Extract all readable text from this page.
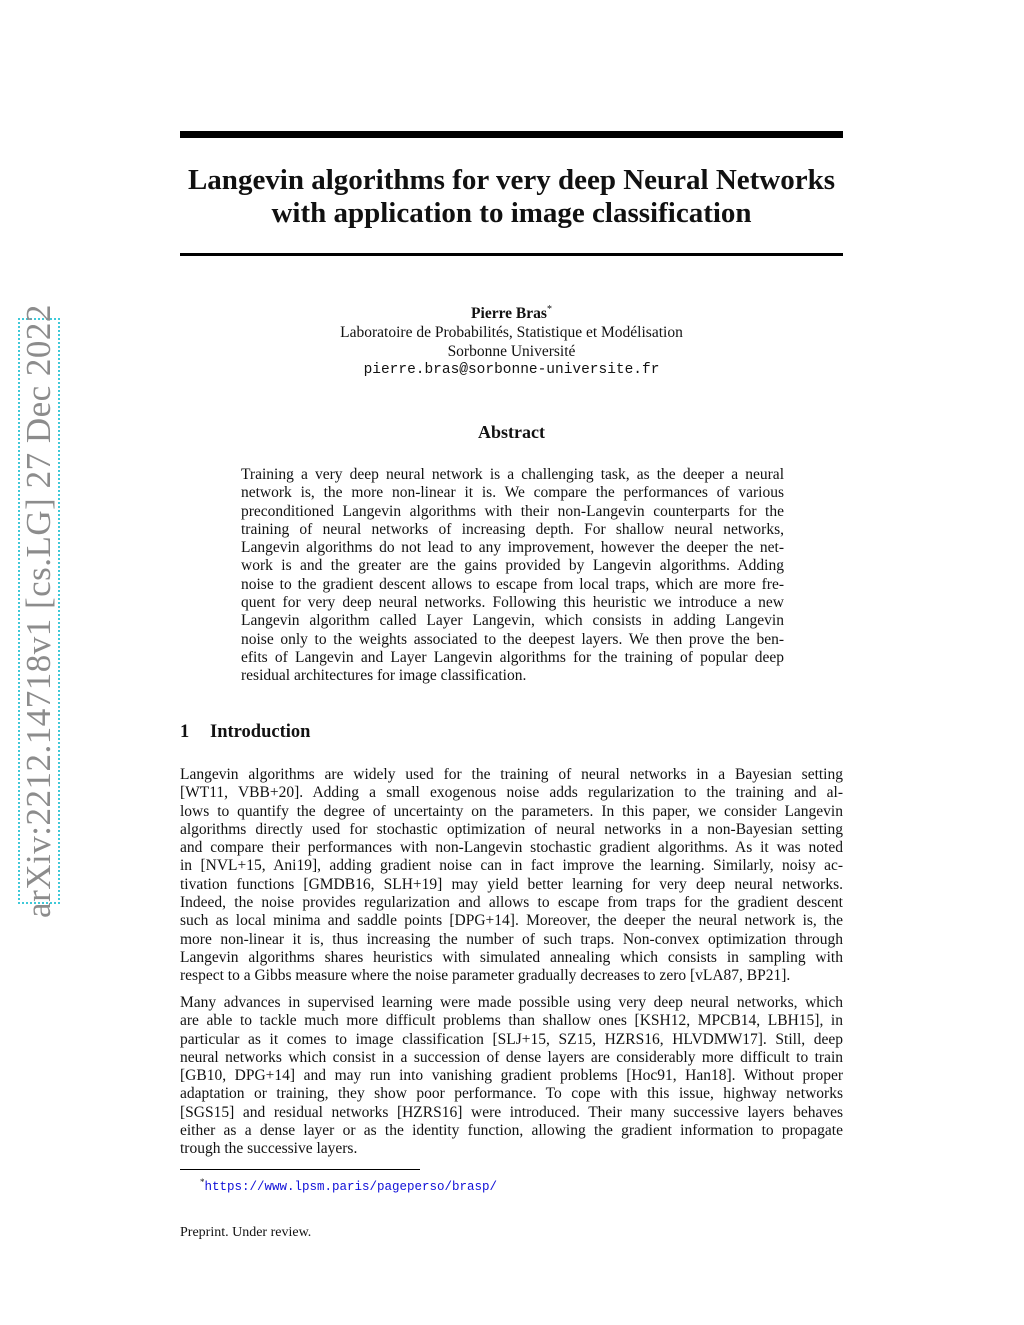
arXiv:2212.14718v1 [cs.LG] 27 Dec 2022
Langevin algorithms for very deep Neural Networks
with application to image classification
Pierre Bras*
Laboratoire de Probabilités, Statistique et Modélisation
Sorbonne Université
pierre.bras@sorbonne-universite.fr
Abstract
Training a very deep neural network is a challenging task, as the deeper a neural
network is, the more non-linear it is. We compare the performances of various
preconditioned Langevin algorithms with their non-Langevin counterparts for the
training of neural networks of increasing depth. For shallow neural networks,
Langevin algorithms do not lead to any improvement, however the deeper the net-
work is and the greater are the gains provided by Langevin algorithms. Adding
noise to the gradient descent allows to escape from local traps, which are more fre-
quent for very deep neural networks. Following this heuristic we introduce a new
Langevin algorithm called Layer Langevin, which consists in adding Langevin
noise only to the weights associated to the deepest layers. We then prove the ben-
efits of Langevin and Layer Langevin algorithms for the training of popular deep
residual architectures for image classification.
1 Introduction
Langevin algorithms are widely used for the training of neural networks in a Bayesian setting
[WT11, VBB+20]. Adding a small exogenous noise adds regularization to the training and al-
lows to quantify the degree of uncertainty on the parameters. In this paper, we consider Langevin
algorithms directly used for stochastic optimization of neural networks in a non-Bayesian setting
and compare their performances with non-Langevin stochastic gradient algorithms. As it was noted
in [NVL+15, Ani19], adding gradient noise can in fact improve the learning. Similarly, noisy ac-
tivation functions [GMDB16, SLH+19] may yield better learning for very deep neural networks.
Indeed, the noise provides regularization and allows to escape from traps for the gradient descent
such as local minima and saddle points [DPG+14]. Moreover, the deeper the neural network is, the
more non-linear it is, thus increasing the number of such traps. Non-convex optimization through
Langevin algorithms shares heuristics with simulated annealing which consists in sampling with
respect to a Gibbs measure where the noise parameter gradually decreases to zero [vLA87, BP21].
Many advances in supervised learning were made possible using very deep neural networks, which
are able to tackle much more difficult problems than shallow ones [KSH12, MPCB14, LBH15], in
particular as it comes to image classification [SLJ+15, SZ15, HZRS16, HLVDMW17]. Still, deep
neural networks which consist in a succession of dense layers are considerably more difficult to train
[GB10, DPG+14] and may run into vanishing gradient problems [Hoc91, Han18]. Without proper
adaptation or training, they show poor performance. To cope with this issue, highway networks
[SGS15] and residual networks [HZRS16] were introduced. Their many successive layers behaves
either as a dense layer or as the identity function, allowing the gradient information to propagate
trough the successive layers.
*https://www.lpsm.paris/pageperso/brasp/
Preprint. Under review.
